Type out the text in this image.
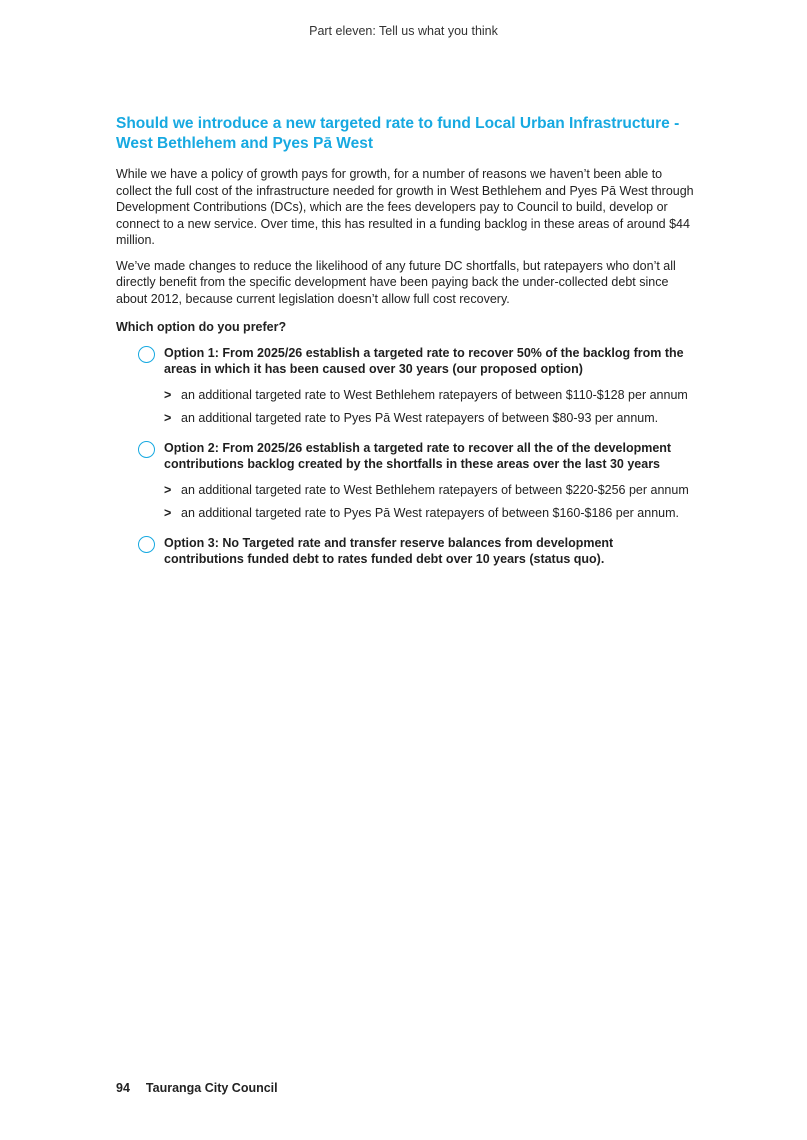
Part eleven: Tell us what you think
Should we introduce a new targeted rate to fund Local Urban Infrastructure - West Bethlehem and Pyes Pā West

While we have a policy of growth pays for growth, for a number of reasons we haven’t been able to collect the full cost of the infrastructure needed for growth in West Bethlehem and Pyes Pā West through Development Contributions (DCs), which are the fees developers pay to Council to build, develop or connect to a new service. Over time, this has resulted in a funding backlog in these areas of around $44 million.

We’ve made changes to reduce the likelihood of any future DC shortfalls, but ratepayers who don’t all directly benefit from the specific development have been paying back the under-collected debt since about 2012, because current legislation doesn’t allow full cost recovery.

Which option do you prefer?

Option 1: From 2025/26 establish a targeted rate to recover 50% of the backlog from the areas in which it has been caused over 30 years (our proposed option)

> an additional targeted rate to West Bethlehem ratepayers of between $110-$128 per annum
> an additional targeted rate to Pyes Pā West ratepayers of between $80-93 per annum.

Option 2: From 2025/26 establish a targeted rate to recover all the of the development contributions backlog created by the shortfalls in these areas over the last 30 years

> an additional targeted rate to West Bethlehem ratepayers of between $220-$256 per annum
> an additional targeted rate to Pyes Pā West ratepayers of between $160-$186 per annum.

Option 3: No Targeted rate and transfer reserve balances from development contributions funded debt to rates funded debt over 10 years (status quo).

94 Tauranga City Council
